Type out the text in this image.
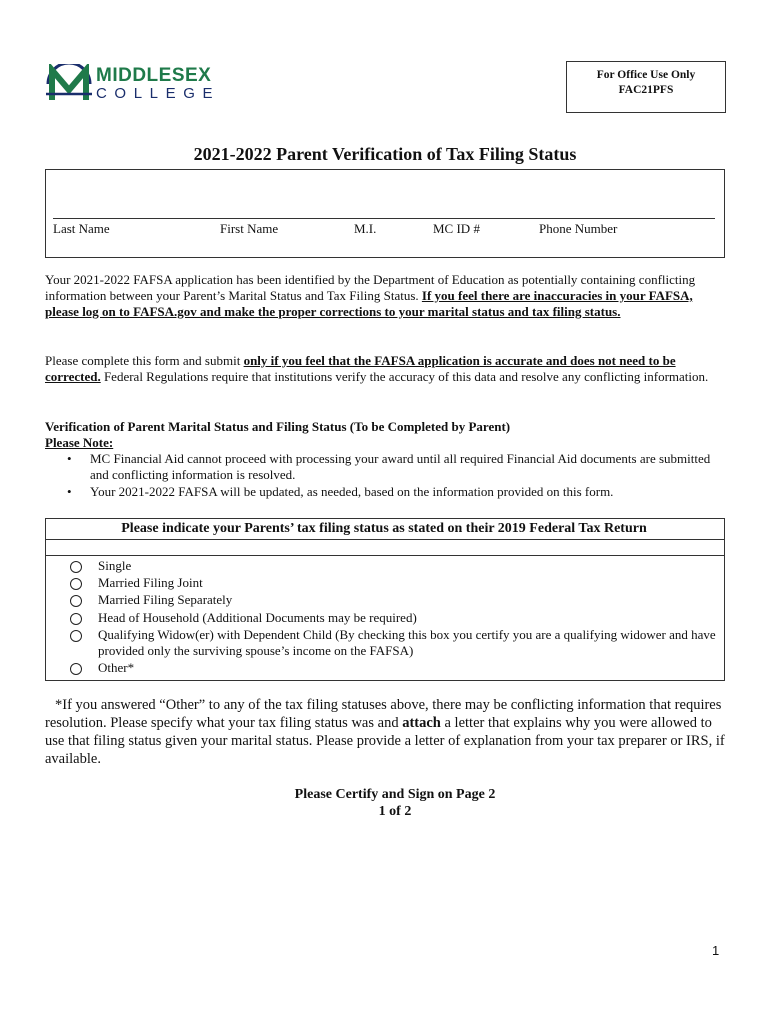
MIDDLESEX
COLLEGE
For Office Use Only
FAC21PFS
2021-2022 Parent Verification of Tax Filing Status
Last Name	First Name	M.I.	MC ID #	Phone Number
Your 2021-2022 FAFSA application has been identified by the Department of Education as potentially containing conflicting information between your Parent’s Marital Status and Tax Filing Status. If you feel there are inaccuracies in your FAFSA, please log on to FAFSA.gov and make the proper corrections to your marital status and tax filing status.
Please complete this form and submit only if you feel that the FAFSA application is accurate and does not need to be corrected. Federal Regulations require that institutions verify the accuracy of this data and resolve any conflicting information.
Verification of Parent Marital Status and Filing Status (To be Completed by Parent)
Please Note:
• MC Financial Aid cannot proceed with processing your award until all required Financial Aid documents are submitted and conflicting information is resolved.
• Your 2021-2022 FAFSA will be updated, as needed, based on the information provided on this form.
Please indicate your Parents’ tax filing status as stated on their 2019 Federal Tax Return
Single
Married Filing Joint
Married Filing Separately
Head of Household (Additional Documents may be required)
Qualifying Widow(er) with Dependent Child (By checking this box you certify you are a qualifying widower and have provided only the surviving spouse’s income on the FAFSA)
Other*
*If you answered “Other” to any of the tax filing statuses above, there may be conflicting information that requires resolution. Please specify what your tax filing status was and attach a letter that explains why you were allowed to use that filing status given your marital status. Please provide a letter of explanation from your tax preparer or IRS, if available.
Please Certify and Sign on Page 2
1 of 2
1
